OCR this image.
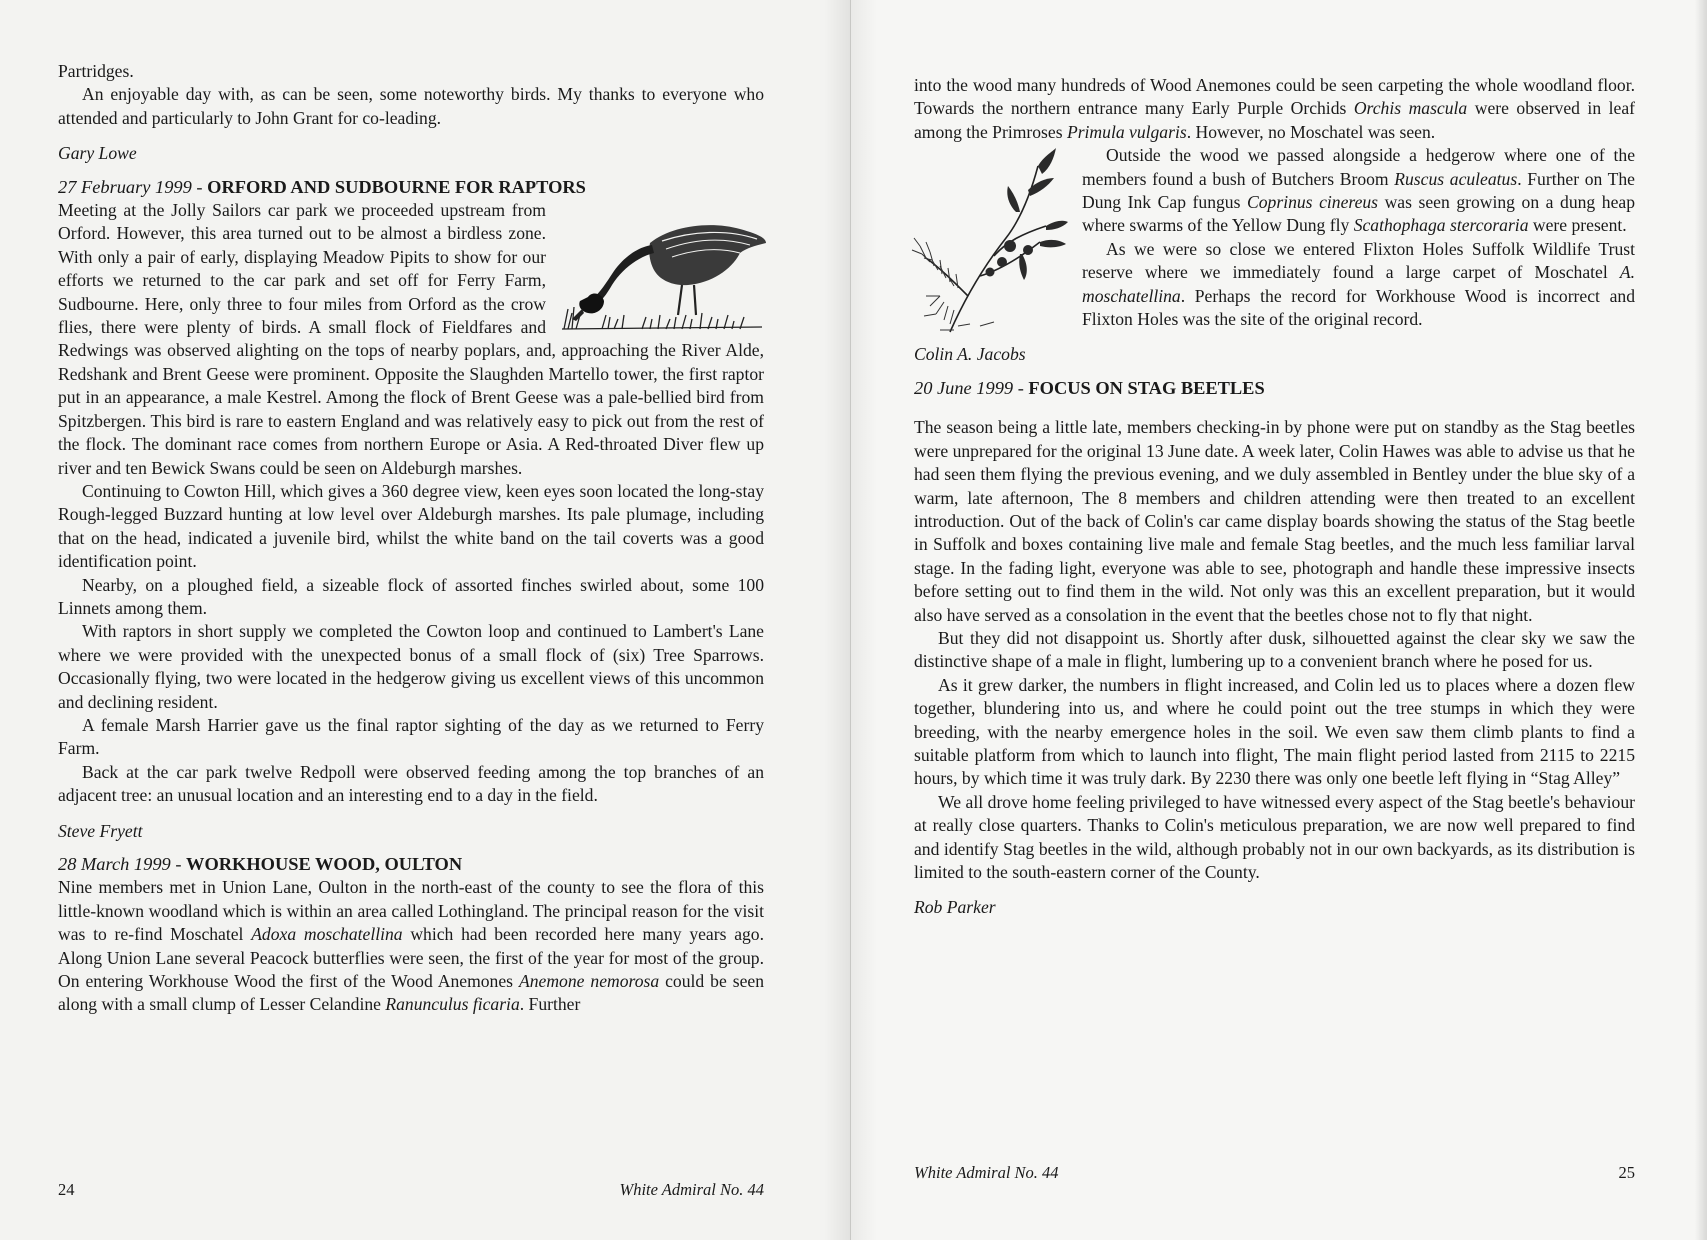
Partridges.

An enjoyable day with, as can be seen, some noteworthy birds. My thanks to everyone who attended and particularly to John Grant for co-leading.

Gary Lowe
27 February 1999 - ORFORD AND SUDBOURNE FOR RAPTORS

Meeting at the Jolly Sailors car park we proceeded upstream from Orford. However, this area turned out to be almost a birdless zone. With only a pair of early, displaying Meadow Pipits to show for our efforts we returned to the car park and set off for Ferry Farm, Sudbourne. Here, only three to four miles from Orford as the crow flies, there were plenty of birds. A small flock of Fieldfares and Redwings was observed alighting on the tops of nearby poplars, and, approaching the River Alde, Redshank and Brent Geese were prominent. Opposite the Slaughden Martello tower, the first raptor put in an appearance, a male Kestrel. Among the flock of Brent Geese was a pale-bellied bird from Spitzbergen. This bird is rare to eastern England and was relatively easy to pick out from the rest of the flock. The dominant race comes from northern Europe or Asia. A Red-throated Diver flew up river and ten Bewick Swans could be seen on Aldeburgh marshes.

Continuing to Cowton Hill, which gives a 360 degree view, keen eyes soon located the long-stay Rough-legged Buzzard hunting at low level over Aldeburgh marshes. Its pale plumage, including that on the head, indicated a juvenile bird, whilst the white band on the tail coverts was a good identification point.

Nearby, on a ploughed field, a sizeable flock of assorted finches swirled about, some 100 Linnets among them.

With raptors in short supply we completed the Cowton loop and continued to Lambert's Lane where we were provided with the unexpected bonus of a small flock of (six) Tree Sparrows. Occasionally flying, two were located in the hedgerow giving us excellent views of this uncommon and declining resident.

A female Marsh Harrier gave us the final raptor sighting of the day as we returned to Ferry Farm.

Back at the car park twelve Redpoll were observed feeding among the top branches of an adjacent tree: an unusual location and an interesting end to a day in the field.

Steve Fryett
28 March 1999 - WORKHOUSE WOOD, OULTON

Nine members met in Union Lane, Oulton in the north-east of the county to see the flora of this little-known woodland which is within an area called Lothingland. The principal reason for the visit was to re-find Moschatel Adoxa moschatellina which had been recorded here many years ago. Along Union Lane several Peacock butterflies were seen, the first of the year for most of the group. On entering Workhouse Wood the first of the Wood Anemones Anemone nemorosa could be seen along with a small clump of Lesser Celandine Ranunculus ficaria. Further

24	White Admiral No. 44

into the wood many hundreds of Wood Anemones could be seen carpeting the whole woodland floor. Towards the northern entrance many Early Purple Orchids Orchis mascula were observed in leaf among the Primroses Primula vulgaris. However, no Moschatel was seen.

Outside the wood we passed alongside a hedgerow where one of the members found a bush of Butchers Broom Ruscus aculeatus. Further on The Dung Ink Cap fungus Coprinus cinereus was seen growing on a dung heap where swarms of the Yellow Dung fly Scathophaga stercoraria were present.

As we were so close we entered Flixton Holes Suffolk Wildlife Trust reserve where we immediately found a large carpet of Moschatel A. moschatellina. Perhaps the record for Workhouse Wood is incorrect and Flixton Holes was the site of the original record.

Colin A. Jacobs
20 June 1999 - FOCUS ON STAG BEETLES

The season being a little late, members checking-in by phone were put on standby as the Stag beetles were unprepared for the original 13 June date. A week later, Colin Hawes was able to advise us that he had seen them flying the previous evening, and we duly assembled in Bentley under the blue sky of a warm, late afternoon, The 8 members and children attending were then treated to an excellent introduction. Out of the back of Colin's car came display boards showing the status of the Stag beetle in Suffolk and boxes containing live male and female Stag beetles, and the much less familiar larval stage. In the fading light, everyone was able to see, photograph and handle these impressive insects before setting out to find them in the wild. Not only was this an excellent preparation, but it would also have served as a consolation in the event that the beetles chose not to fly that night.

But they did not disappoint us. Shortly after dusk, silhouetted against the clear sky we saw the distinctive shape of a male in flight, lumbering up to a convenient branch where he posed for us.

As it grew darker, the numbers in flight increased, and Colin led us to places where a dozen flew together, blundering into us, and where he could point out the tree stumps in which they were breeding, with the nearby emergence holes in the soil. We even saw them climb plants to find a suitable platform from which to launch into flight, The main flight period lasted from 2115 to 2215 hours, by which time it was truly dark. By 2230 there was only one beetle left flying in “Stag Alley”

We all drove home feeling privileged to have witnessed every aspect of the Stag beetle's behaviour at really close quarters. Thanks to Colin's meticulous preparation, we are now well prepared to find and identify Stag beetles in the wild, although probably not in our own backyards, as its distribution is limited to the south-eastern corner of the County.

Rob Parker
White Admiral No. 44	25
